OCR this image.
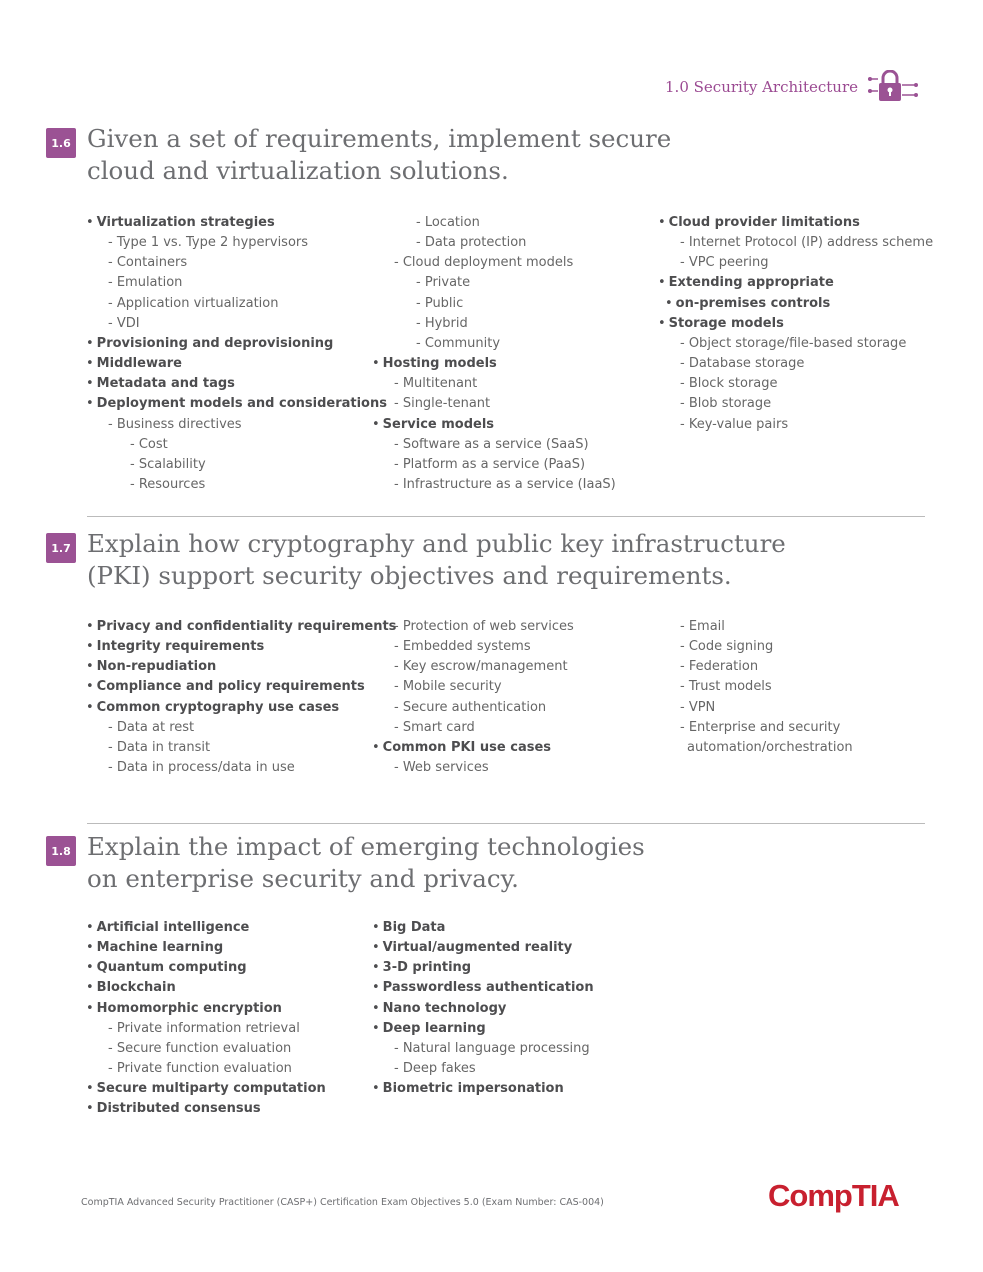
1.0 Security Architecture
1.6 Given a set of requirements, implement secure cloud and virtualization solutions.
• Virtualization strategies
- Type 1 vs. Type 2 hypervisors
- Containers
- Emulation
- Application virtualization
- VDI
• Provisioning and deprovisioning
• Middleware
• Metadata and tags
• Deployment models and considerations
- Business directives
- Cost
- Scalability
- Resources
- Location
- Data protection
- Cloud deployment models
- Private
- Public
- Hybrid
- Community
• Hosting models
- Multitenant
- Single-tenant
• Service models
- Software as a service (SaaS)
- Platform as a service (PaaS)
- Infrastructure as a service (IaaS)
• Cloud provider limitations
- Internet Protocol (IP) address scheme
- VPC peering
• Extending appropriate
• on-premises controls
• Storage models
- Object storage/file-based storage
- Database storage
- Block storage
- Blob storage
- Key-value pairs
1.7 Explain how cryptography and public key infrastructure (PKI) support security objectives and requirements.
• Privacy and confidentiality requirements
• Integrity requirements
• Non-repudiation
• Compliance and policy requirements
• Common cryptography use cases
- Data at rest
- Data in transit
- Data in process/data in use
- Protection of web services
- Embedded systems
- Key escrow/management
- Mobile security
- Secure authentication
- Smart card
• Common PKI use cases
- Web services
- Email
- Code signing
- Federation
- Trust models
- VPN
- Enterprise and security
automation/orchestration
1.8 Explain the impact of emerging technologies on enterprise security and privacy.
• Artificial intelligence
• Machine learning
• Quantum computing
• Blockchain
• Homomorphic encryption
- Private information retrieval
- Secure function evaluation
- Private function evaluation
• Secure multiparty computation
• Distributed consensus
• Big Data
• Virtual/augmented reality
• 3-D printing
• Passwordless authentication
• Nano technology
• Deep learning
- Natural language processing
- Deep fakes
• Biometric impersonation
CompTIA Advanced Security Practitioner (CASP+) Certification Exam Objectives 5.0 (Exam Number: CAS-004)	CompTIA
